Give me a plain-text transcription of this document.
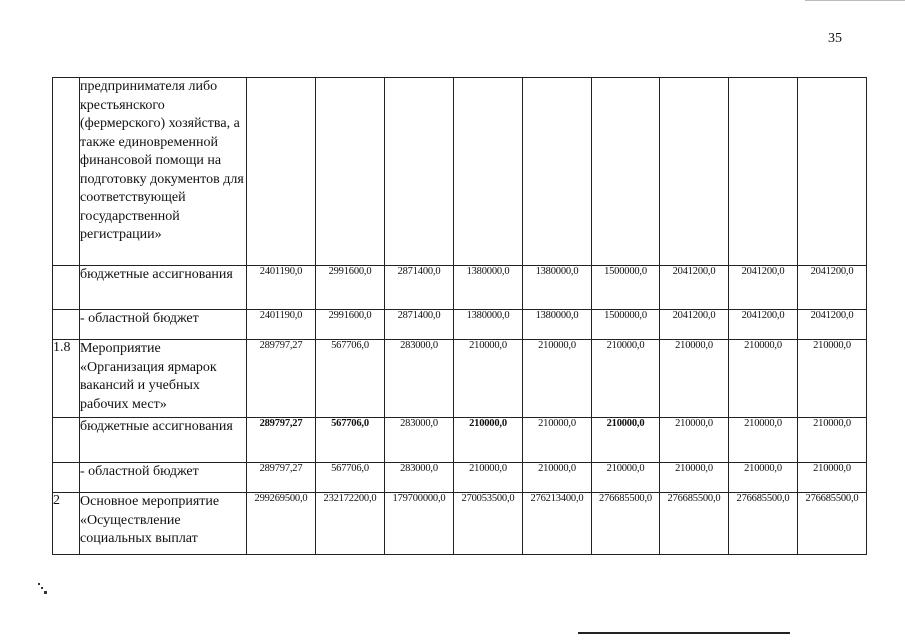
35
	предпринимателя либо крестьянского (фермерского) хозяйства, а также единовременной финансовой помощи на подготовку документов для соответствующей государственной регистрации»									
	бюджетные ассигнования	2401190,0	2991600,0	2871400,0	1380000,0	1380000,0	1500000,0	2041200,0	2041200,0	2041200,0
	- областной бюджет	2401190,0	2991600,0	2871400,0	1380000,0	1380000,0	1500000,0	2041200,0	2041200,0	2041200,0
1.8	Мероприятие «Организация ярмарок вакансий и учебных рабочих мест»	289797,27	567706,0	283000,0	210000,0	210000,0	210000,0	210000,0	210000,0	210000,0
	бюджетные ассигнования	289797,27	567706,0	283000,0	210000,0	210000,0	210000,0	210000,0	210000,0	210000,0
	- областной бюджет	289797,27	567706,0	283000,0	210000,0	210000,0	210000,0	210000,0	210000,0	210000,0
2	Основное мероприятие «Осуществление социальных выплат	299269500,0	232172200,0	179700000,0	270053500,0	276213400,0	276685500,0	276685500,0	276685500,0	276685500,0
